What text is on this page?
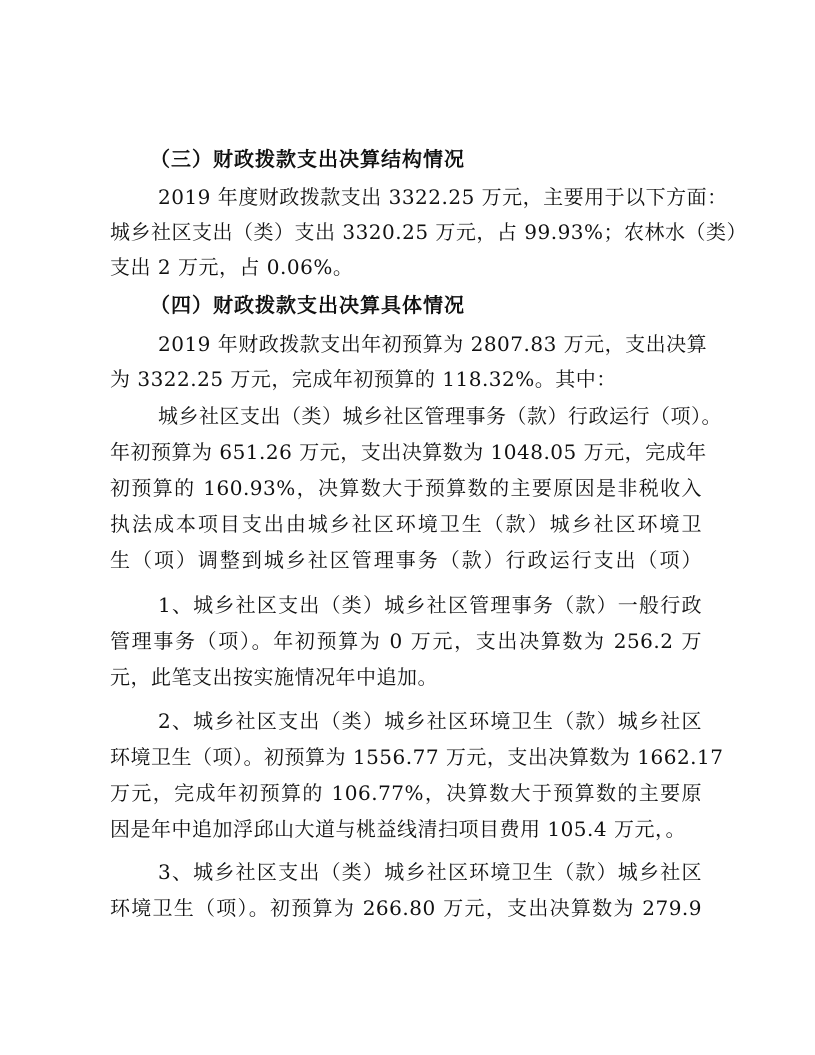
（三）财政拨款支出决算结构情况
2019 年度财政拨款支出 3322.25 万元，主要用于以下方面：
城乡社区支出（类）支出 3320.25 万元，占 99.93%；农林水（类）
支出 2 万元，占 0.06%。
（四）财政拨款支出决算具体情况
2019 年财政拨款支出年初预算为 2807.83 万元，支出决算
为 3322.25 万元，完成年初预算的 118.32%。其中：
城乡社区支出（类）城乡社区管理事务（款）行政运行（项）。
年初预算为 651.26 万元，支出决算数为 1048.05 万元，完成年
初预算的 160.93%，决算数大于预算数的主要原因是非税收入
执法成本项目支出由城乡社区环境卫生（款）城乡社区环境卫
生（项）调整到城乡社区管理事务（款）行政运行支出（项）
1、城乡社区支出（类）城乡社区管理事务（款）一般行政
管理事务（项）。年初预算为 0 万元，支出决算数为 256.2 万
元，此笔支出按实施情况年中追加。
2、城乡社区支出（类）城乡社区环境卫生（款）城乡社区
环境卫生（项）。初预算为 1556.77 万元，支出决算数为 1662.17
万元，完成年初预算的 106.77%，决算数大于预算数的主要原
因是年中追加浮邱山大道与桃益线清扫项目费用 105.4 万元，。
3、城乡社区支出（类）城乡社区环境卫生（款）城乡社区
环境卫生（项）。初预算为 266.80 万元，支出决算数为 279.9
